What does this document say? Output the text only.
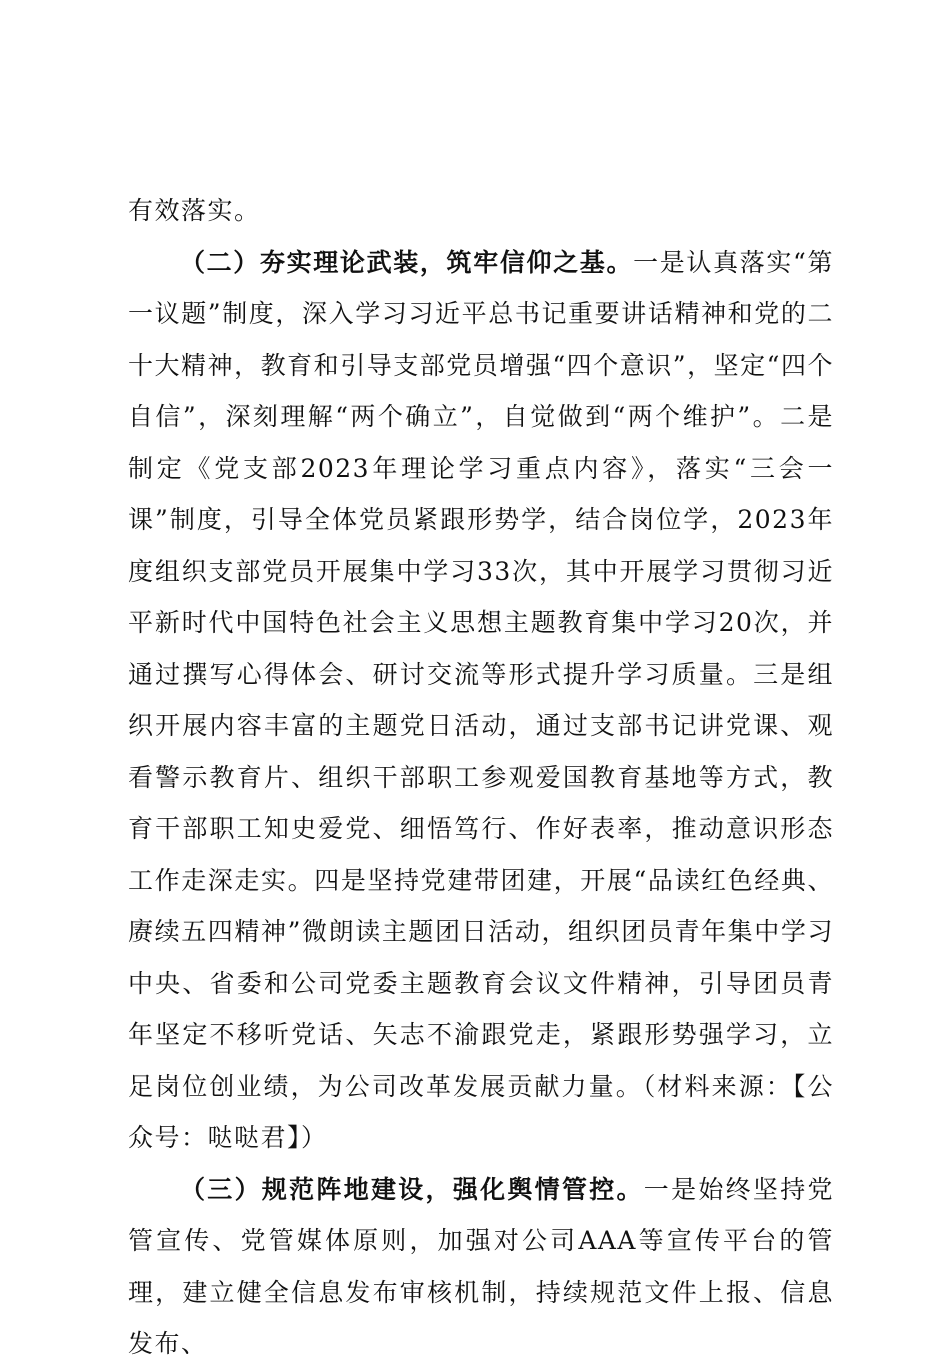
有效落实。

（二）夯实理论武装，筑牢信仰之基。一是认真落实“第一议题”制度，深入学习习近平总书记重要讲话精神和党的二十大精神，教育和引导支部党员增强“四个意识”，坚定“四个自信”，深刻理解“两个确立”，自觉做到“两个维护”。二是制定《党支部2023年理论学习重点内容》，落实“三会一课”制度，引导全体党员紧跟形势学，结合岗位学，2023年度组织支部党员开展集中学习33次，其中开展学习贯彻习近平新时代中国特色社会主义思想主题教育集中学习20次，并通过撰写心得体会、研讨交流等形式提升学习质量。三是组织开展内容丰富的主题党日活动，通过支部书记讲党课、观看警示教育片、组织干部职工参观爱国教育基地等方式，教育干部职工知史爱党、细悟笃行、作好表率，推动意识形态工作走深走实。四是坚持党建带团建，开展“品读红色经典、赓续五四精神”微朗读主题团日活动，组织团员青年集中学习中央、省委和公司党委主题教育会议文件精神，引导团员青年坚定不移听党话、矢志不渝跟党走，紧跟形势强学习，立足岗位创业绩，为公司改革发展贡献力量。（材料来源：【公众号：哒哒君】）

（三）规范阵地建设，强化舆情管控。一是始终坚持党管宣传、党管媒体原则，加强对公司AAA等宣传平台的管理，建立健全信息发布审核机制，持续规范文件上报、信息发布、
